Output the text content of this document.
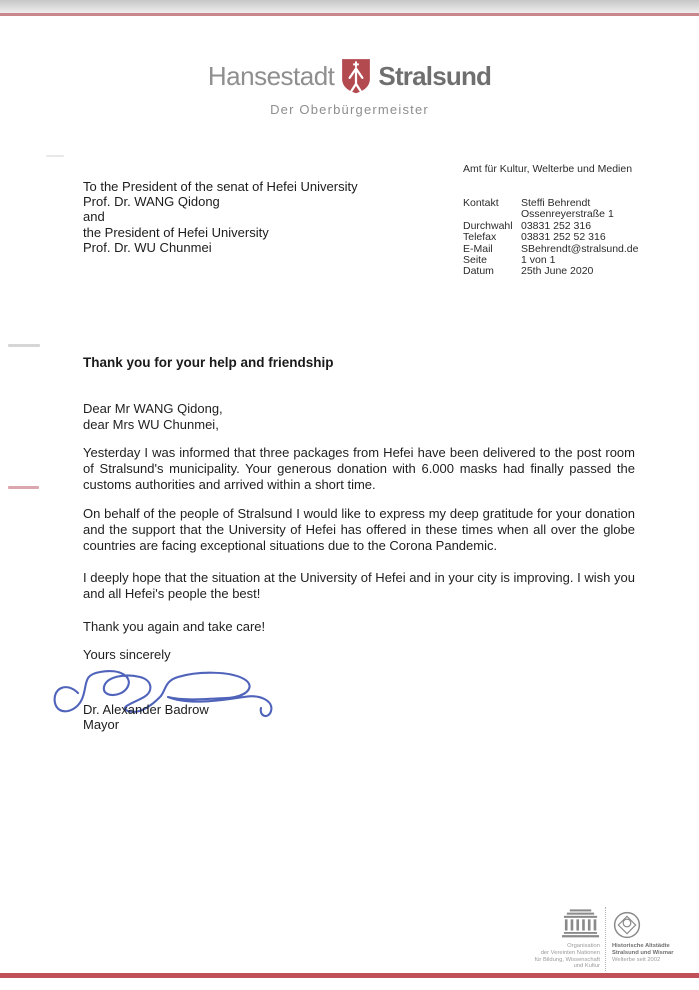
Hansestadt Stralsund
Der Oberbürgermeister
Amt für Kultur, Welterbe und Medien
Kontakt	Steffi Behrendt
Ossenreyerstraße 1
Durchwahl 03831 252 316
Telefax	03831 252 52 316
E-Mail	SBehrendt@stralsund.de
Seite	1 von 1
Datum	25th June 2020
To the President of the senat of Hefei University
Prof. Dr. WANG Qidong
and
the President of Hefei University
Prof. Dr. WU Chunmei
Thank you for your help and friendship
Dear Mr WANG Qidong,
dear Mrs WU Chunmei,
Yesterday I was informed that three packages from Hefei have been delivered to the post room of Stralsund's municipality. Your generous donation with 6.000 masks had finally passed the customs authorities and arrived within a short time.
On behalf of the people of Stralsund I would like to express my deep gratitude for your donation and the support that the University of Hefei has offered in these times when all over the globe countries are facing exceptional situations due to the Corona Pandemic.
I deeply hope that the situation at the University of Hefei and in your city is improving. I wish you and all Hefei's people the best!
Thank you again and take care!
Yours sincerely
Dr. Alexander Badrow
Mayor
Organisation
der Vereinten Nationen
für Bildung, Wissenschaft
und Kultur
Historische Altstädte
Stralsund und Wismar
Welterbe seit 2002
